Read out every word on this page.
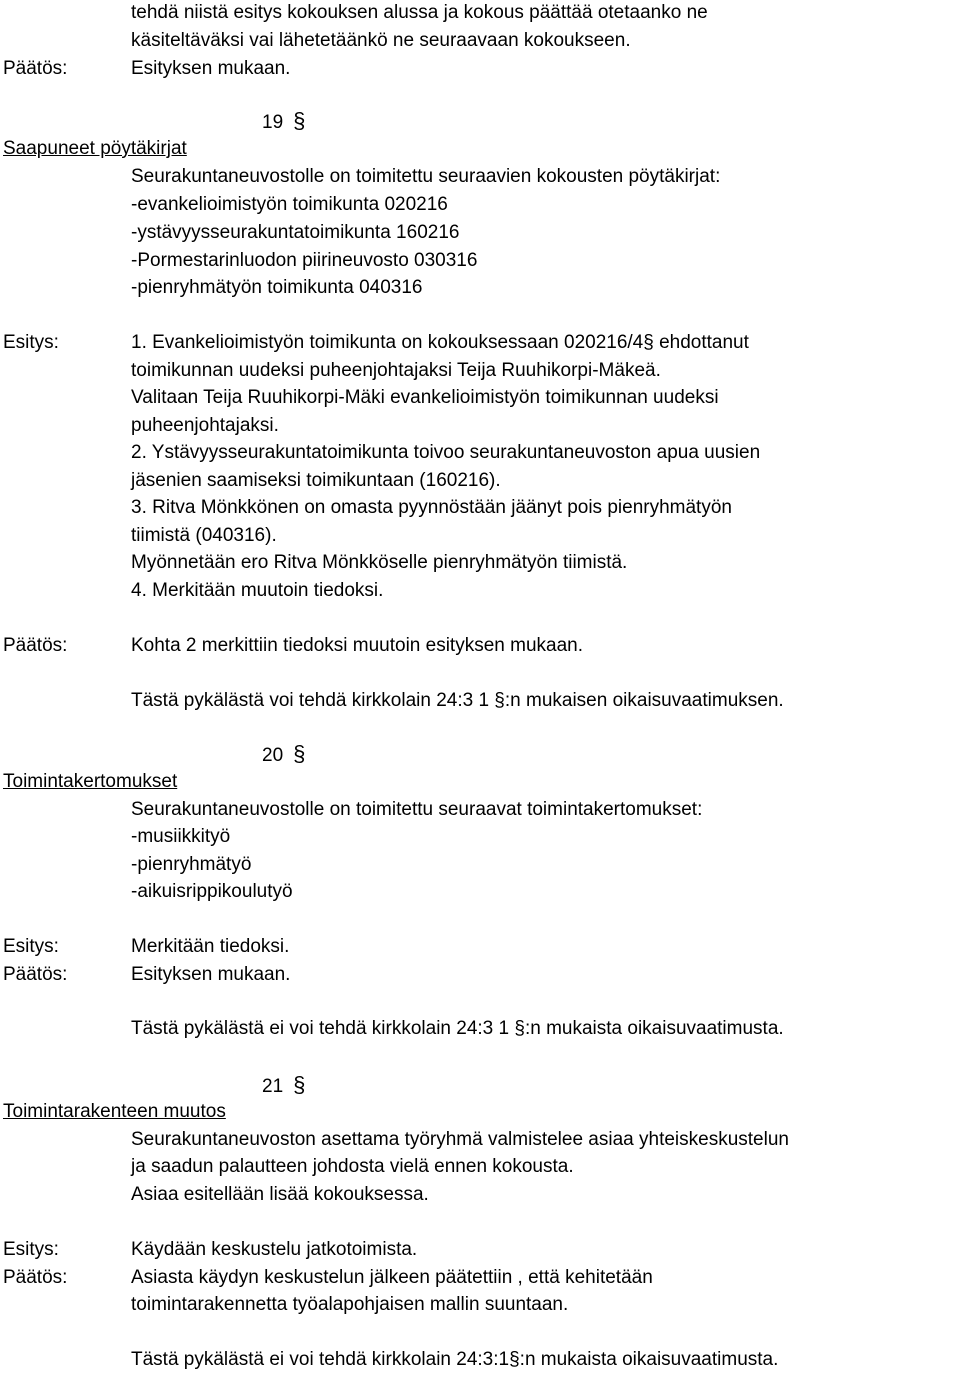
tehdä niistä esitys kokouksen alussa ja kokous päättää otetaanko ne
käsiteltäväksi vai lähetetäänkö ne seuraavaan kokoukseen.
Päätös:	Esityksen mukaan.
19 §
Saapuneet pöytäkirjat
Seurakuntaneuvostolle on toimitettu seuraavien kokousten pöytäkirjat:
-evankelioimistyön toimikunta 020216
-ystävyysseurakuntatoimikunta 160216
-Pormestarinluodon piirineuvosto 030316
-pienryhmätyön toimikunta 040316
Esitys:	1. Evankelioimistyön toimikunta on kokouksessaan 020216/4§ ehdottanut
toimikunnan uudeksi puheenjohtajaksi Teija Ruuhikorpi-Mäkeä.
Valitaan Teija Ruuhikorpi-Mäki evankelioimistyön toimikunnan uudeksi
puheenjohtajaksi.
2. Ystävyysseurakuntatoimikunta toivoo seurakuntaneuvoston apua uusien
jäsenien saamiseksi toimikuntaan (160216).
3. Ritva Mönkkönen on omasta pyynnöstään jäänyt pois pienryhmätyön
tiimistä (040316).
Myönnetään ero Ritva Mönkköselle pienryhmätyön tiimistä.
4. Merkitään muutoin tiedoksi.
Päätös:	Kohta 2 merkittiin tiedoksi muutoin esityksen mukaan.
Tästä pykälästä voi tehdä kirkkolain 24:3 1 §:n mukaisen oikaisuvaatimuksen.
20 §
Toimintakertomukset
Seurakuntaneuvostolle on toimitettu seuraavat toimintakertomukset:
-musiikkityö
-pienryhmätyö
-aikuisrippikoulutyö
Esitys:	Merkitään tiedoksi.
Päätös:	Esityksen mukaan.
Tästä pykälästä ei voi tehdä kirkkolain 24:3 1 §:n mukaista oikaisuvaatimusta.
21 §
Toimintarakenteen muutos
Seurakuntaneuvoston asettama työryhmä valmistelee asiaa yhteiskeskustelun
ja saadun palautteen johdosta vielä ennen kokousta.
Asiaa esitellään lisää kokouksessa.
Esitys:	Käydään keskustelu jatkotoimista.
Päätös:	Asiasta käydyn keskustelun jälkeen päätettiin , että kehitetään
toimintarakennetta työalapohjaisen mallin suuntaan.
Tästä pykälästä ei voi tehdä kirkkolain 24:3:1§:n mukaista oikaisuvaatimusta.
